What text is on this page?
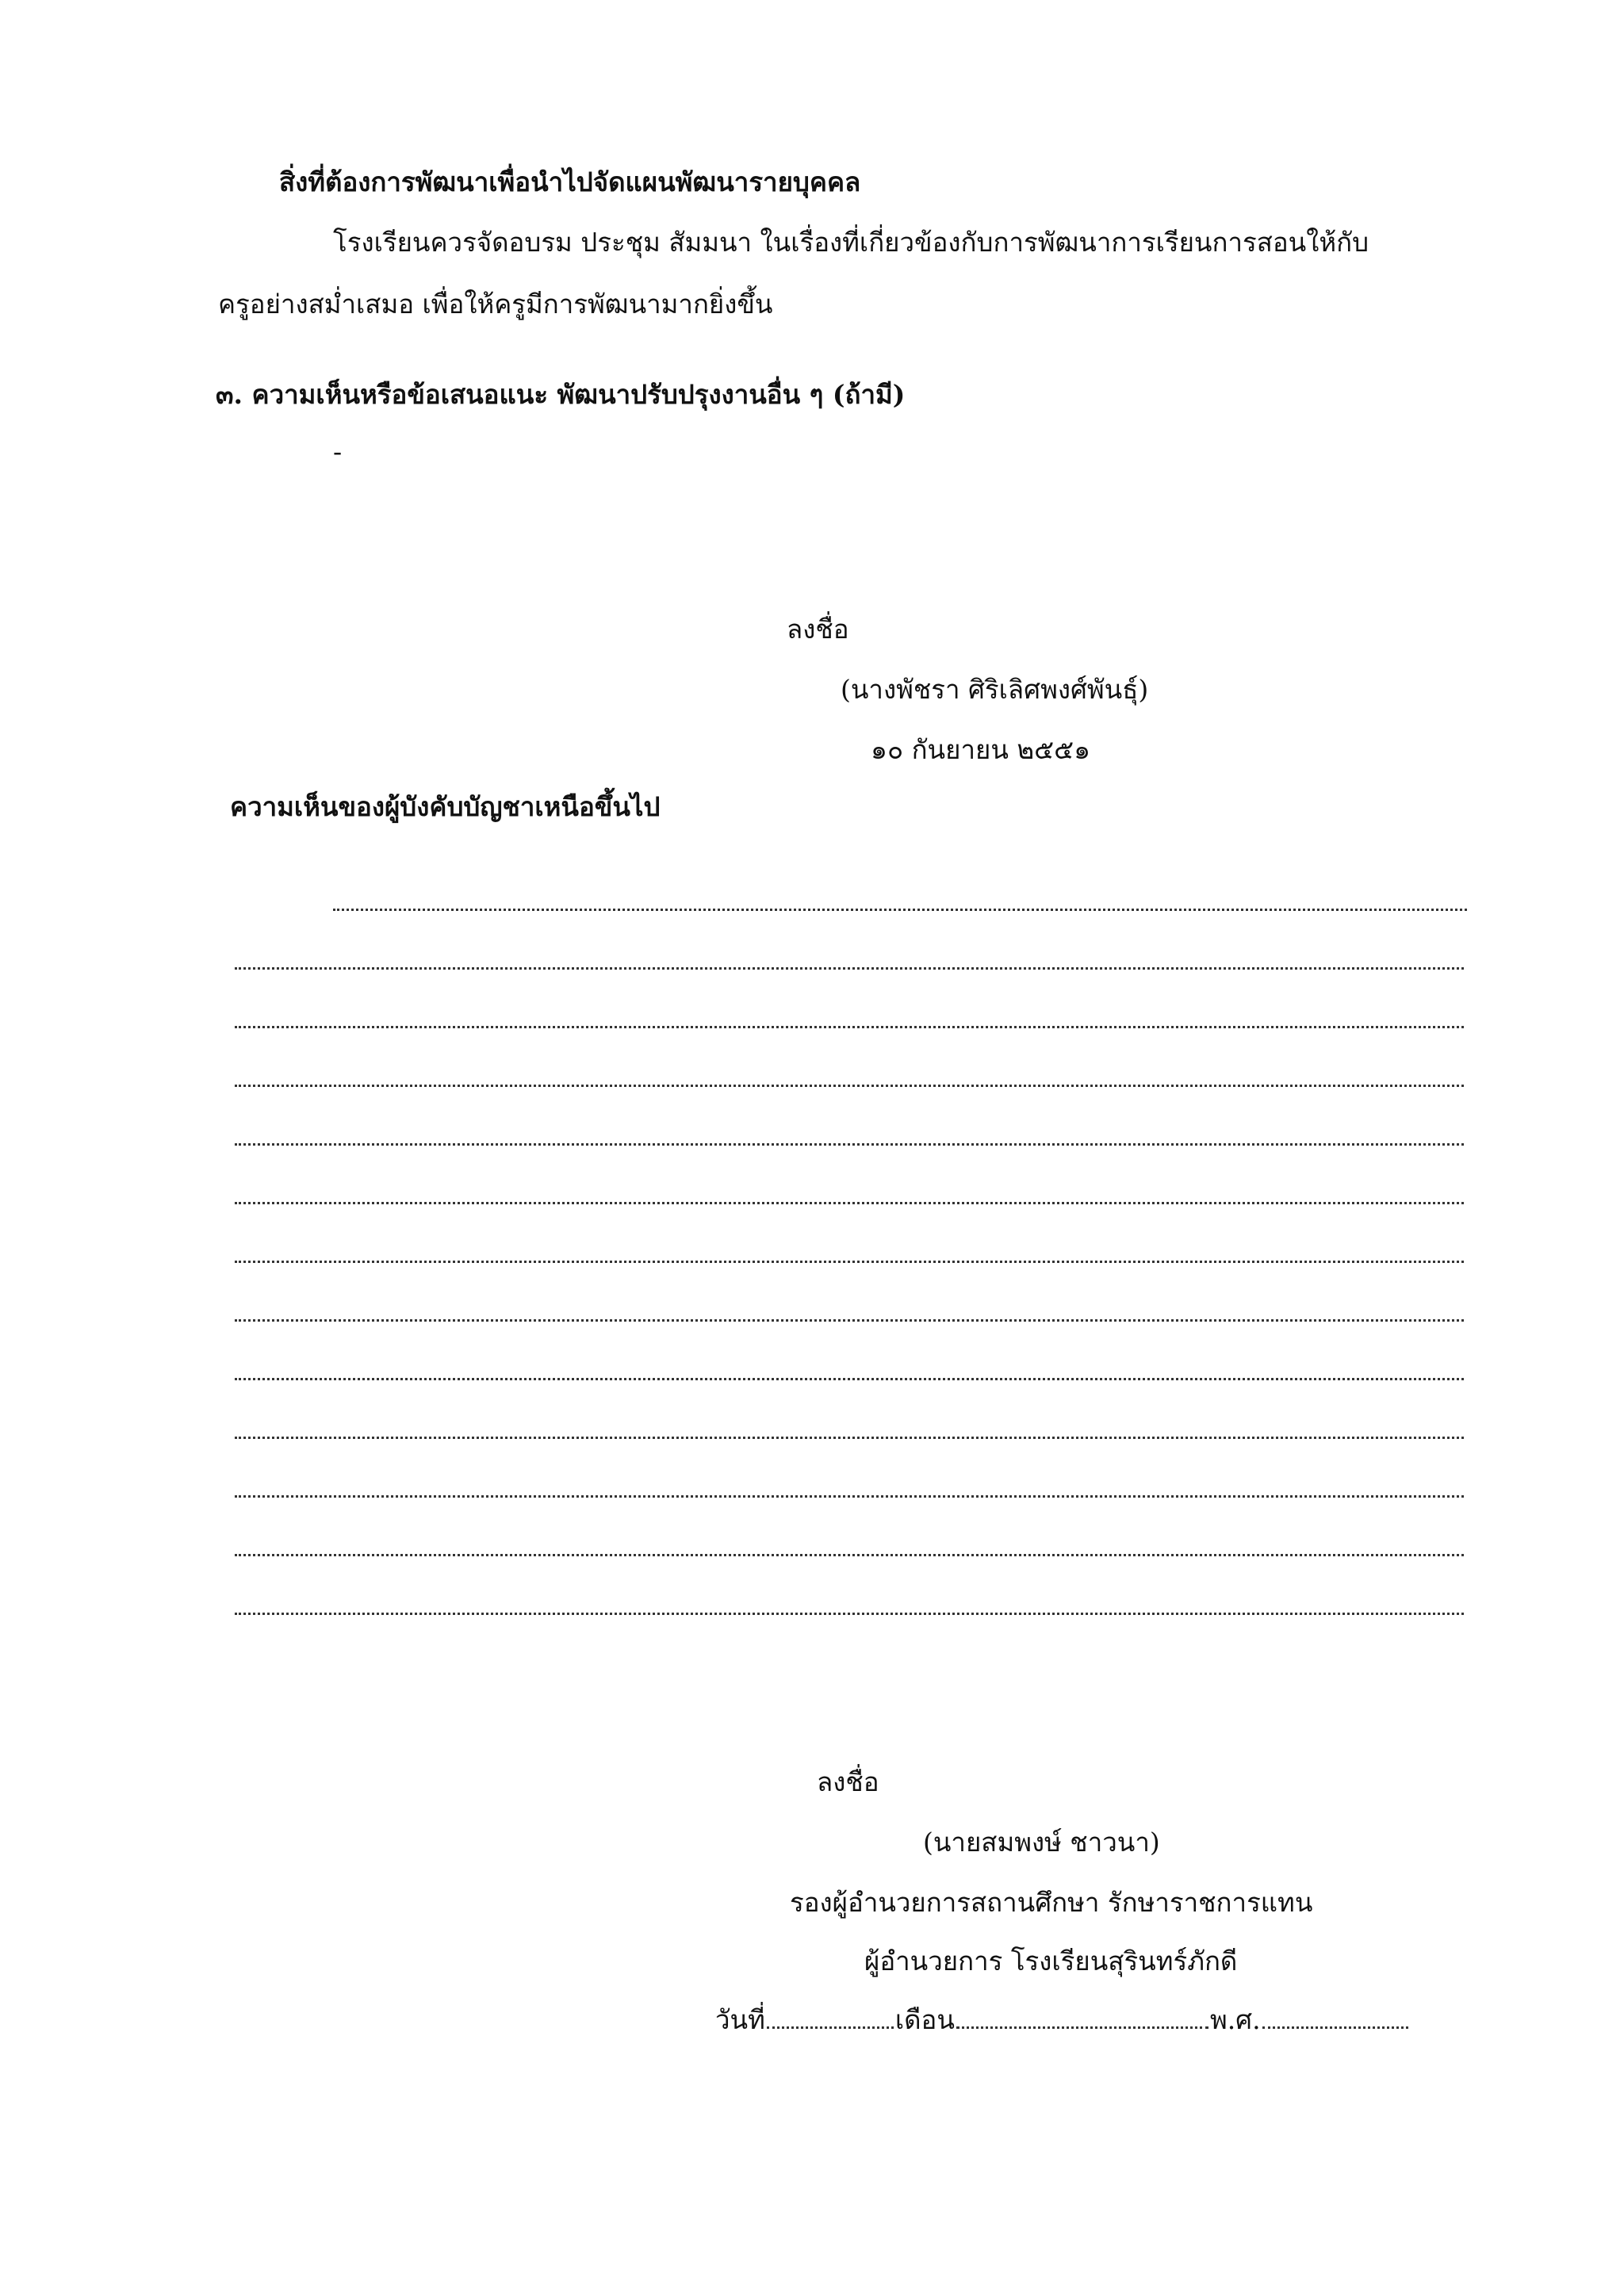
สิ่งที่ต้องการพัฒนาเพื่อนำไปจัดแผนพัฒนารายบุคคล
โรงเรียนควรจัดอบรม ประชุม สัมมนา ในเรื่องที่เกี่ยวข้องกับการพัฒนาการเรียนการสอนให้กับ
ครูอย่างสม่ำเสมอ เพื่อให้ครูมีการพัฒนามากยิ่งขึ้น
๓. ความเห็นหรือข้อเสนอแนะ พัฒนาปรับปรุงงานอื่น ๆ (ถ้ามี)
-
ลงชื่อ
(นางพัชรา ศิริเลิศพงศ์พันธุ์)
๑๐ กันยายน ๒๕๕๑
ความเห็นของผู้บังคับบัญชาเหนือขึ้นไป
ลงชื่อ
(นายสมพงษ์ ชาวนา)
รองผู้อำนวยการสถานศึกษา รักษาราชการแทน
ผู้อำนวยการ โรงเรียนสุรินทร์ภักดี
วันที่	เดือน	พ.ศ.
